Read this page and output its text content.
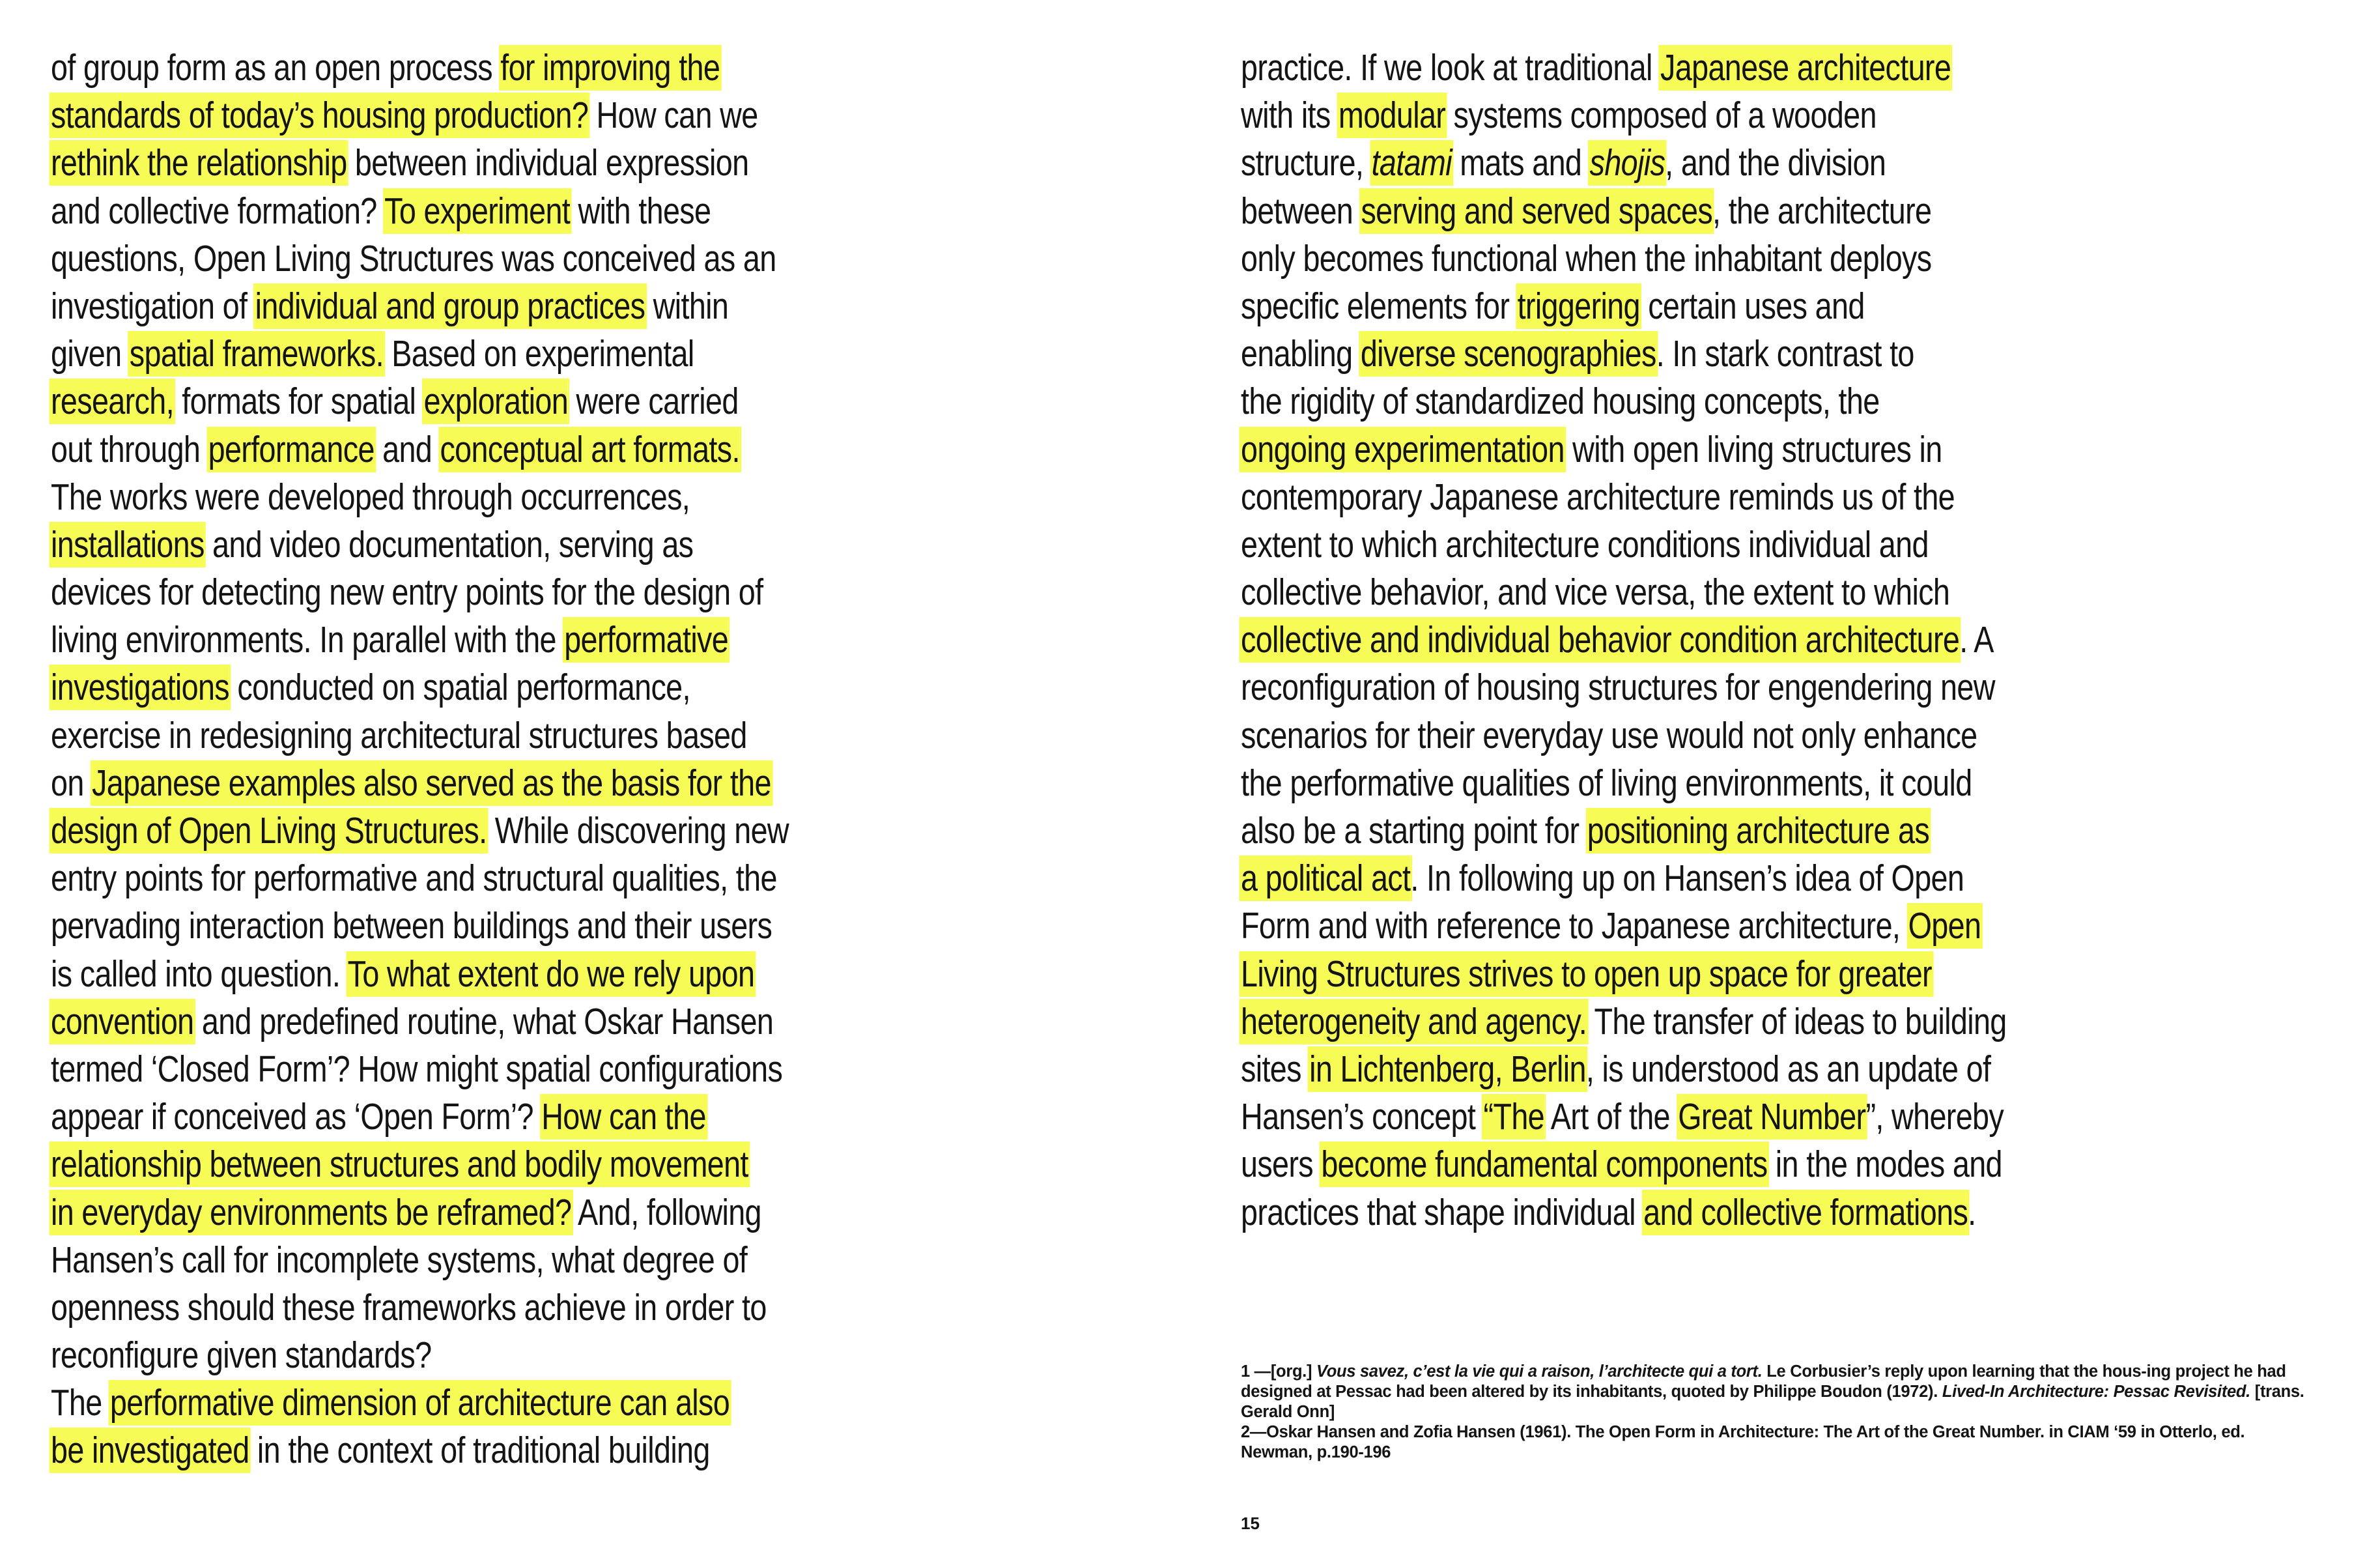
of group form as an open process for improving the
standards of today’s housing production? How can we
rethink the relationship between individual expression
and collective formation? To experiment with these
questions, Open Living Structures was conceived as an
investigation of individual and group practices within
given spatial frameworks. Based on experimental
research, formats for spatial exploration were carried
out through performance and conceptual art formats.
The works were developed through occurrences,
installations and video documentation, serving as
devices for detecting new entry points for the design of
living environments. In parallel with the performative
investigations conducted on spatial performance,
exercise in redesigning architectural structures based
on Japanese examples also served as the basis for the
design of Open Living Structures. While discovering new
entry points for performative and structural qualities, the
pervading interaction between buildings and their users
is called into question. To what extent do we rely upon
convention and predefined routine, what Oskar Hansen
termed ‘Closed Form’? How might spatial configurations
appear if conceived as ‘Open Form’? How can the
relationship between structures and bodily movement
in everyday environments be reframed? And, following
Hansen’s call for incomplete systems, what degree of
openness should these frameworks achieve in order to
reconfigure given standards?
The performative dimension of architecture can also
be investigated in the context of traditional building
practice. If we look at traditional Japanese architecture
with its modular systems composed of a wooden
structure, tatami mats and shojis, and the division
between serving and served spaces, the architecture
only becomes functional when the inhabitant deploys
specific elements for triggering certain uses and
enabling diverse scenographies. In stark contrast to
the rigidity of standardized housing concepts, the
ongoing experimentation with open living structures in
contemporary Japanese architecture reminds us of the
extent to which architecture conditions individual and
collective behavior, and vice versa, the extent to which
collective and individual behavior condition architecture. A
reconfiguration of housing structures for engendering new
scenarios for their everyday use would not only enhance
the performative qualities of living environments, it could
also be a starting point for positioning architecture as
a political act. In following up on Hansen’s idea of Open
Form and with reference to Japanese architecture, Open
Living Structures strives to open up space for greater
heterogeneity and agency. The transfer of ideas to building
sites in Lichtenberg, Berlin, is understood as an update of
Hansen’s concept “The Art of the Great Number”, whereby
users become fundamental components in the modes and
practices that shape individual and collective formations.
1 —[org.] Vous savez, c’est la vie qui a raison, l’architecte qui a tort. Le Corbusier’s reply upon learning that the hous-ing project he had designed at Pessac had been altered by its inhabitants, quoted by Philippe Boudon (1972). Lived-In Architecture: Pessac Revisited. [trans. Gerald Onn]
2—Oskar Hansen and Zofia Hansen (1961). The Open Form in Architecture: The Art of the Great Number. in CIAM ‘59 in Otterlo, ed. Newman, p.190-196
15
